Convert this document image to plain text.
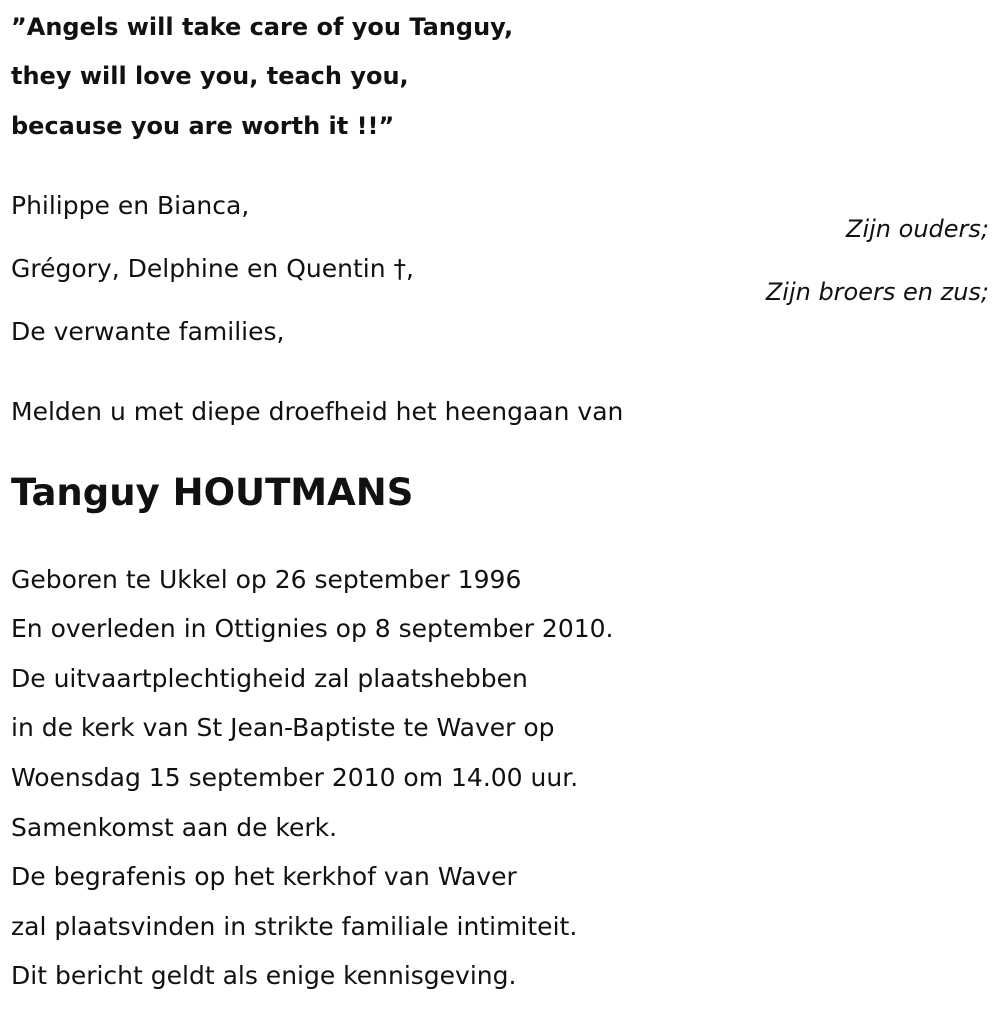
”Angels will take care of you Tanguy,
they will love you, teach you,
because you are worth it !!”
Philippe en Bianca,
Grégory, Delphine en Quentin †,
De verwante families,
Zijn ouders;
Zijn broers en zus;
Melden u met diepe droefheid het heengaan van
Tanguy HOUTMANS
Geboren te Ukkel op 26 september 1996
En overleden in Ottignies op 8 september 2010.
De uitvaartplechtigheid zal plaatshebben
in de kerk van St Jean-Baptiste te Waver op
Woensdag 15 september 2010 om 14.00 uur.
Samenkomst aan de kerk.
De begrafenis op het kerkhof van Waver
zal plaatsvinden in strikte familiale intimiteit.
Dit bericht geldt als enige kennisgeving.
